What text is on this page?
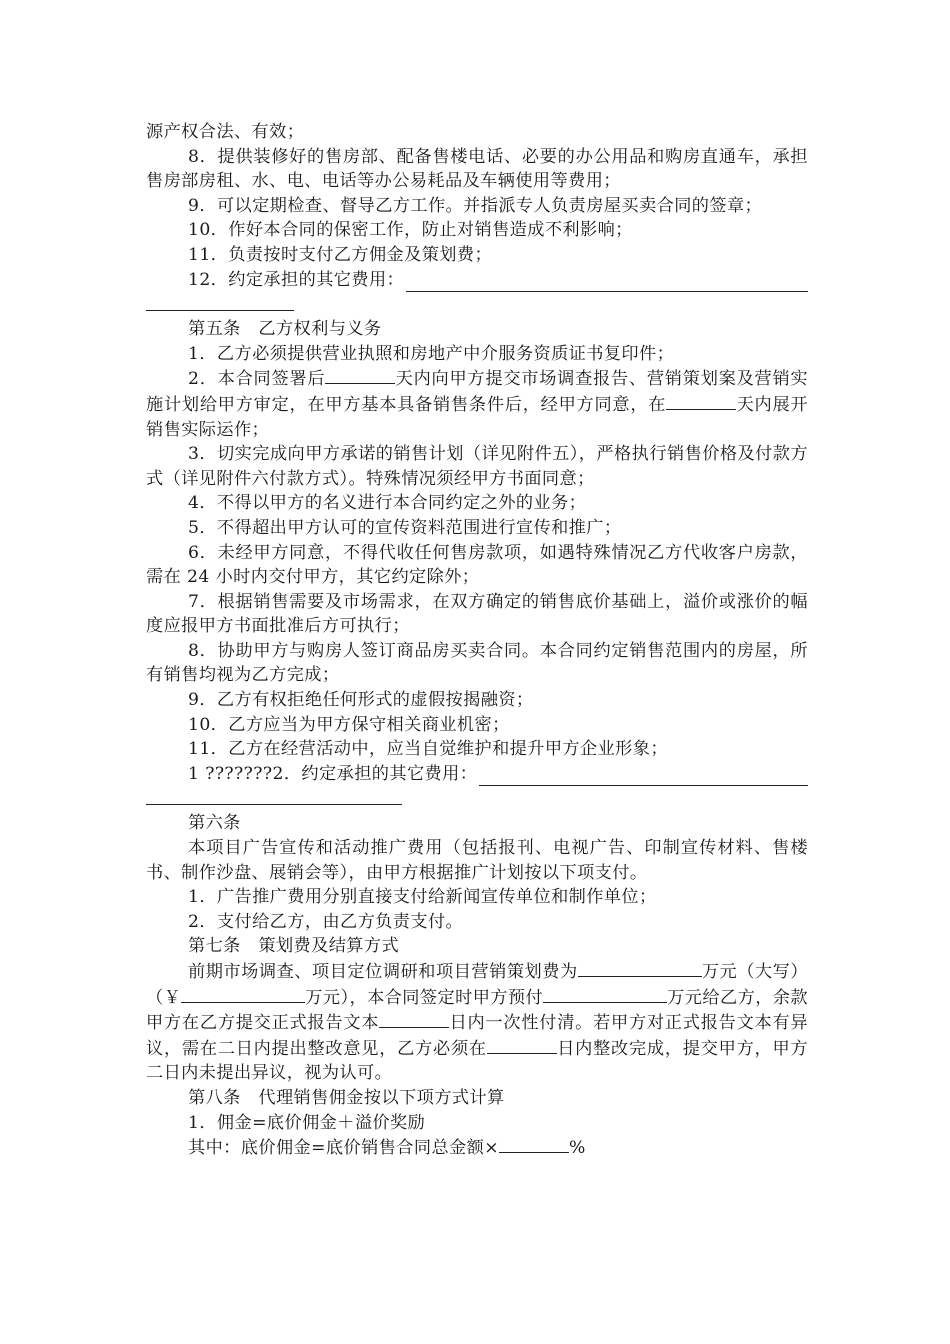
源产权合法、有效；

8．提供装修好的售房部、配备售楼电话、必要的办公用品和购房直通车，承担售房部房租、水、电、电话等办公易耗品及车辆使用等费用；

9．可以定期检查、督导乙方工作。并指派专人负责房屋买卖合同的签章；

10．作好本合同的保密工作，防止对销售造成不利影响；

11．负责按时支付乙方佣金及策划费；

12．约定承担的其它费用：

第五条　乙方权利与义务

1．乙方必须提供营业执照和房地产中介服务资质证书复印件；

2．本合同签署后	天内向甲方提交市场调查报告、营销策划案及营销实施计划给甲方审定，在甲方基本具备销售条件后，经甲方同意，在	天内展开销售实际运作；

3．切实完成向甲方承诺的销售计划（详见附件五），严格执行销售价格及付款方式（详见附件六付款方式）。特殊情况须经甲方书面同意；

4．不得以甲方的名义进行本合同约定之外的业务；

5．不得超出甲方认可的宣传资料范围进行宣传和推广；

6．未经甲方同意，不得代收任何售房款项，如遇特殊情况乙方代收客户房款，需在 24 小时内交付甲方，其它约定除外；

7．根据销售需要及市场需求，在双方确定的销售底价基础上，溢价或涨价的幅度应报甲方书面批准后方可执行；

8．协助甲方与购房人签订商品房买卖合同。本合同约定销售范围内的房屋，所有销售均视为乙方完成；

9．乙方有权拒绝任何形式的虚假按揭融资；

10．乙方应当为甲方保守相关商业机密；

11．乙方在经营活动中，应当自觉维护和提升甲方企业形象；

1 ???????2．约定承担的其它费用：

第六条

本项目广告宣传和活动推广费用（包括报刊、电视广告、印制宣传材料、售楼书、制作沙盘、展销会等），由甲方根据推广计划按以下项支付。

1．广告推广费用分别直接支付给新闻宣传单位和制作单位；

2．支付给乙方，由乙方负责支付。

第七条　策划费及结算方式

前期市场调查、项目定位调研和项目营销策划费为	万元（大写）（￥	万元），本合同签定时甲方预付	万元给乙方，余款甲方在乙方提交正式报告文本	日内一次性付清。若甲方对正式报告文本有异议，需在二日内提出整改意见，乙方必须在	日内整改完成，提交甲方，甲方二日内未提出异议，视为认可。

第八条　代理销售佣金按以下项方式计算

1．佣金=底价佣金＋溢价奖励

其中：底价佣金=底价销售合同总金额×	%
